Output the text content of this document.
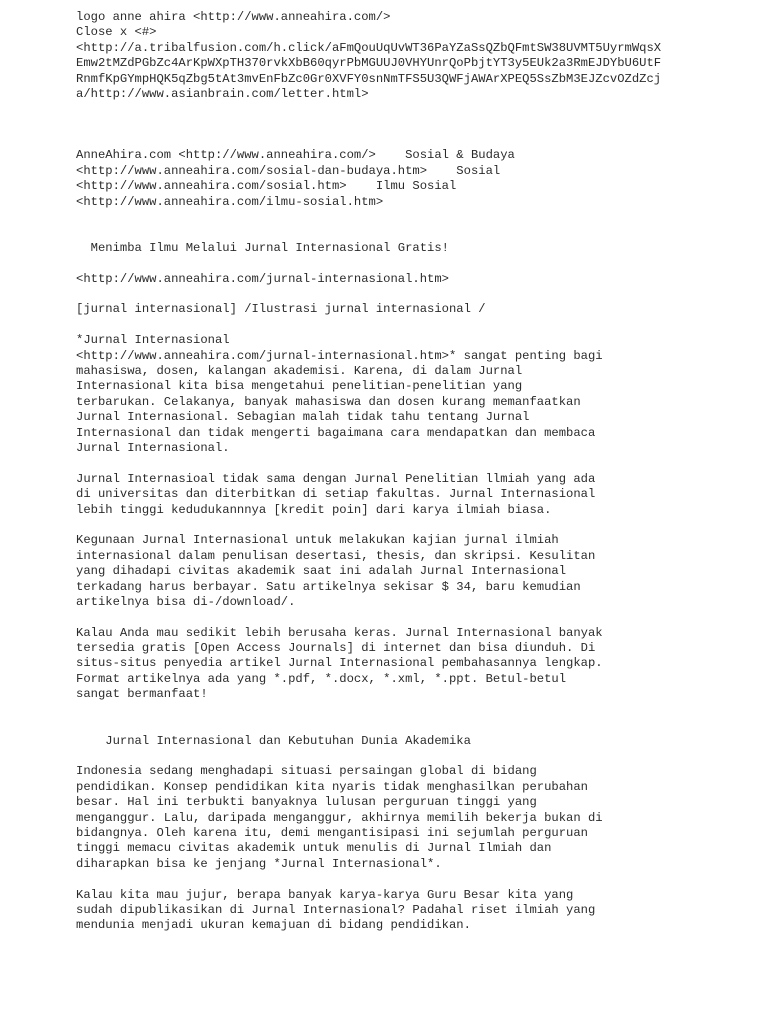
logo anne ahira <http://www.anneahira.com/>
Close x <#>
<http://a.tribalfusion.com/h.click/aFmQouUqUvWT36PaYZaSsQZbQFmtSW38UVMT5UyrmWqsX
Emw2tMZdPGbZc4ArKpWXpTH370rvkXbB60qyrPbMGUUJ0VHYUnrQoPbjtYT3y5EUk2a3RmEJDYbU6UtF
RnmfKpGYmpHQK5qZbg5tAt3mvEnFbZc0Gr0XVFY0snNmTFS5U3QWFjAWArXPEQ5SsZbM3EJZcvOZdZcj
a/http://www.asianbrain.com/letter.html>
AnneAhira.com <http://www.anneahira.com/>    Sosial & Budaya
<http://www.anneahira.com/sosial-dan-budaya.htm>    Sosial
<http://www.anneahira.com/sosial.htm>    Ilmu Sosial
<http://www.anneahira.com/ilmu-sosial.htm>
Menimba Ilmu Melalui Jurnal Internasional Gratis!
<http://www.anneahira.com/jurnal-internasional.htm>
[jurnal internasional] /Ilustrasi jurnal internasional /
*Jurnal Internasional
<http://www.anneahira.com/jurnal-internasional.htm>* sangat penting bagi
mahasiswa, dosen, kalangan akademisi. Karena, di dalam Jurnal
Internasional kita bisa mengetahui penelitian-penelitian yang
terbarukan. Celakanya, banyak mahasiswa dan dosen kurang memanfaatkan
Jurnal Internasional. Sebagian malah tidak tahu tentang Jurnal
Internasional dan tidak mengerti bagaimana cara mendapatkan dan membaca
Jurnal Internasional.
Jurnal Internasioal tidak sama dengan Jurnal Penelitian llmiah yang ada
di universitas dan diterbitkan di setiap fakultas. Jurnal Internasional
lebih tinggi kedudukannnya [kredit poin] dari karya ilmiah biasa.
Kegunaan Jurnal Internasional untuk melakukan kajian jurnal ilmiah
internasional dalam penulisan desertasi, thesis, dan skripsi. Kesulitan
yang dihadapi civitas akademik saat ini adalah Jurnal Internasional
terkadang harus berbayar. Satu artikelnya sekisar $ 34, baru kemudian
artikelnya bisa di-/download/.
Kalau Anda mau sedikit lebih berusaha keras. Jurnal Internasional banyak
tersedia gratis [Open Access Journals] di internet dan bisa diunduh. Di
situs-situs penyedia artikel Jurnal Internasional pembahasannya lengkap.
Format artikelnya ada yang *.pdf, *.docx, *.xml, *.ppt. Betul-betul
sangat bermanfaat!
Jurnal Internasional dan Kebutuhan Dunia Akademika
Indonesia sedang menghadapi situasi persaingan global di bidang
pendidikan. Konsep pendidikan kita nyaris tidak menghasilkan perubahan
besar. Hal ini terbukti banyaknya lulusan perguruan tinggi yang
menganggur. Lalu, daripada menganggur, akhirnya memilih bekerja bukan di
bidangnya. Oleh karena itu, demi mengantisipasi ini sejumlah perguruan
tinggi memacu civitas akademik untuk menulis di Jurnal Ilmiah dan
diharapkan bisa ke jenjang *Jurnal Internasional*.
Kalau kita mau jujur, berapa banyak karya-karya Guru Besar kita yang
sudah dipublikasikan di Jurnal Internasional? Padahal riset ilmiah yang
mendunia menjadi ukuran kemajuan di bidang pendidikan.
